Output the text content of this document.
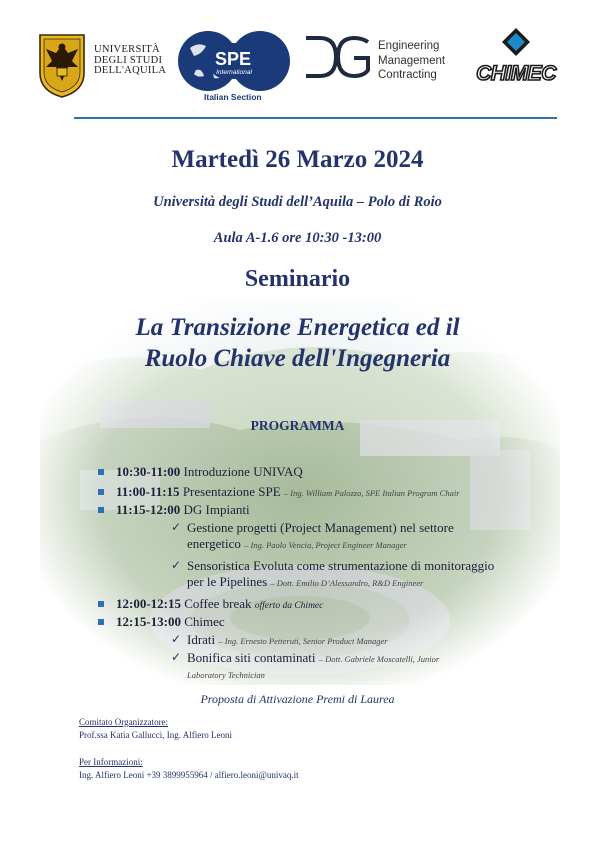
UNIVERSITÀ
DEGLI STUDI
DELL'AQUILA
SPE
International
Italian Section
Engineering
Management
Contracting	CHIMEC
Martedì 26 Marzo 2024
Università degli Studi dell’Aquila – Polo di Roio
Aula A-1.6 ore 10:30 -13:00
Seminario
La Transizione Energetica ed il
Ruolo Chiave dell'Ingegneria
PROGRAMMA
10:30-11:00 Introduzione UNIVAQ
11:00-11:15 Presentazione SPE – Ing. William Palozzo, SPE Italian Program Chair
11:15-12:00 DG Impianti
✓ Gestione progetti (Project Management) nel settore
energetico – Ing. Paolo Vencia, Project Engineer Manager
✓ Sensoristica Evoluta come strumentazione di monitoraggio
per le Pipelines – Dott. Emilio D’Alessandro, R&D Engineer
12:00-12:15 Coffee break offerto da Chimec
12:15-13:00 Chimec
✓ Idrati – Ing. Ernesto Petteruti, Senior Product Manager
✓ Bonifica siti contaminati – Dott. Gabriele Moscatelli, Junior
Laboratory Technician
Proposta di Attivazione Premi di Laurea
Comitato Organizzatore:
Prof.ssa Katia Gallucci, Ing. Alfiero Leoni
Per Informazioni:
Ing. Alfiero Leoni +39 3899955964 / alfiero.leoni@univaq.it
